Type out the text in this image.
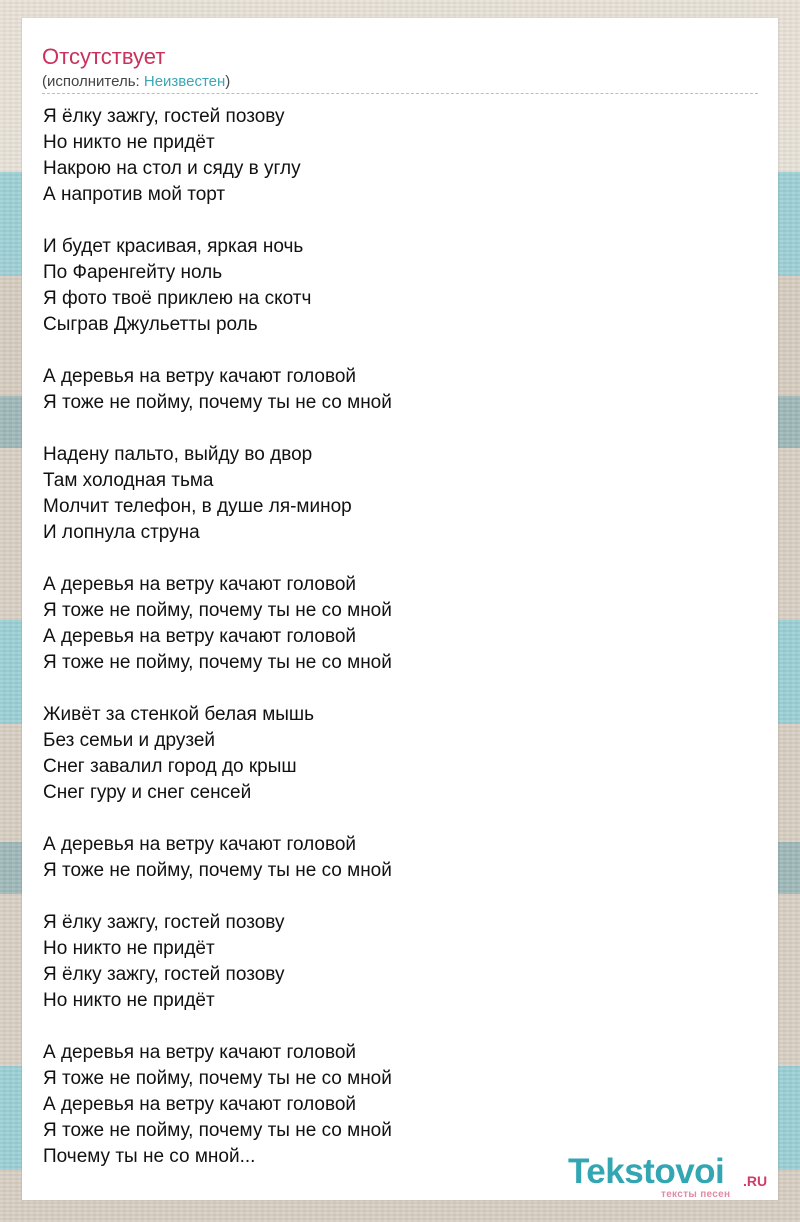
Отсутствует
(исполнитель: Неизвестен)

Я ёлку зажгу, гостей позову
Но никто не придёт
Накрою на стол и сяду в углу
А напротив мой торт

И будет красивая, яркая ночь
По Фаренгейту ноль
Я фото твоё приклею на скотч
Сыграв Джульетты роль

А деревья на ветру качают головой
Я тоже не пойму, почему ты не со мной

Надену пальто, выйду во двор
Там холодная тьма
Молчит телефон, в душе ля-минор
И лопнула струна

А деревья на ветру качают головой
Я тоже не пойму, почему ты не со мной
А деревья на ветру качают головой
Я тоже не пойму, почему ты не со мной

Живёт за стенкой белая мышь
Без семьи и друзей
Снег завалил город до крыш
Снег гуру и снег сенсей

А деревья на ветру качают головой
Я тоже не пойму, почему ты не со мной

Я ёлку зажгу, гостей позову
Но никто не придёт
Я ёлку зажгу, гостей позову
Но никто не придёт

А деревья на ветру качают головой
Я тоже не пойму, почему ты не со мной
А деревья на ветру качают головой
Я тоже не пойму, почему ты не со мной
Почему ты не со мной...	Tekstovoi .RU
тексты песен
